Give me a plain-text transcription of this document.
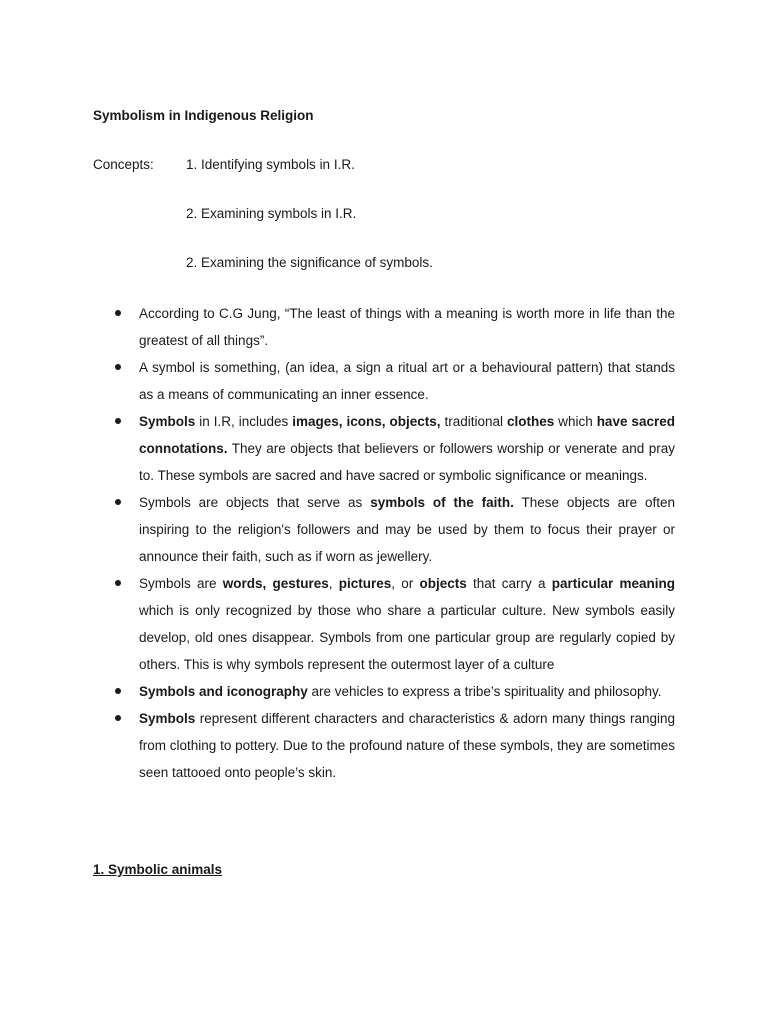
Symbolism in Indigenous Religion
Concepts: 1. Identifying symbols in I.R.
2. Examining symbols in I.R.
2. Examining the significance of symbols.
According to C.G Jung, “The least of things with a meaning is worth more in life than the greatest of all things”.
A symbol is something, (an idea, a sign a ritual art or a behavioural pattern) that stands as a means of communicating an inner essence.
Symbols in I.R, includes images, icons, objects, traditional clothes which have sacred connotations. They are objects that believers or followers worship or venerate and pray to. These symbols are sacred and have sacred or symbolic significance or meanings.
Symbols are objects that serve as symbols of the faith. These objects are often inspiring to the religion's followers and may be used by them to focus their prayer or announce their faith, such as if worn as jewellery.
Symbols are words, gestures, pictures, or objects that carry a particular meaning which is only recognized by those who share a particular culture. New symbols easily develop, old ones disappear. Symbols from one particular group are regularly copied by others. This is why symbols represent the outermost layer of a culture
Symbols and iconography are vehicles to express a tribe’s spirituality and philosophy.
Symbols represent different characters and characteristics & adorn many things ranging from clothing to pottery. Due to the profound nature of these symbols, they are sometimes seen tattooed onto people’s skin.
1. Symbolic animals
